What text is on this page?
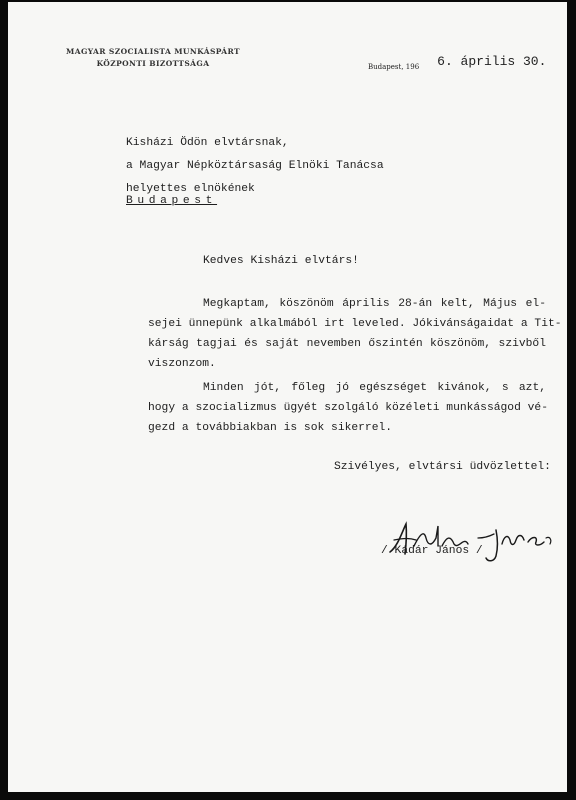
MAGYAR SZOCIALISTA MUNKÁSPÁRT
KÖZPONTI BIZOTTSÁGA	$_{Budapest, 196}$ 6. április 30.
Kisházi Ödön elvtársnak,
a Magyar Népköztársaság Elnöki Tanácsa
helyettes elnökének
Budapest
Kedves Kisházi elvtárs!
Megkaptam, köszönöm április 28-án kelt, Május el-
sejei ünnepünk alkalmából irt leveled. Jókivánságaidat a Tit-
kárság tagjai és saját nevemben őszintén köszönöm, szivből
viszonzom.
Minden jót, főleg jó egészséget kivánok, s azt,
hogy a szocializmus ügyét szolgáló közéleti munkásságod vé-
gezd a továbbiakban is sok sikerrel.
Szivélyes, elvtársi üdvözlettel:
/ Kádár János /
